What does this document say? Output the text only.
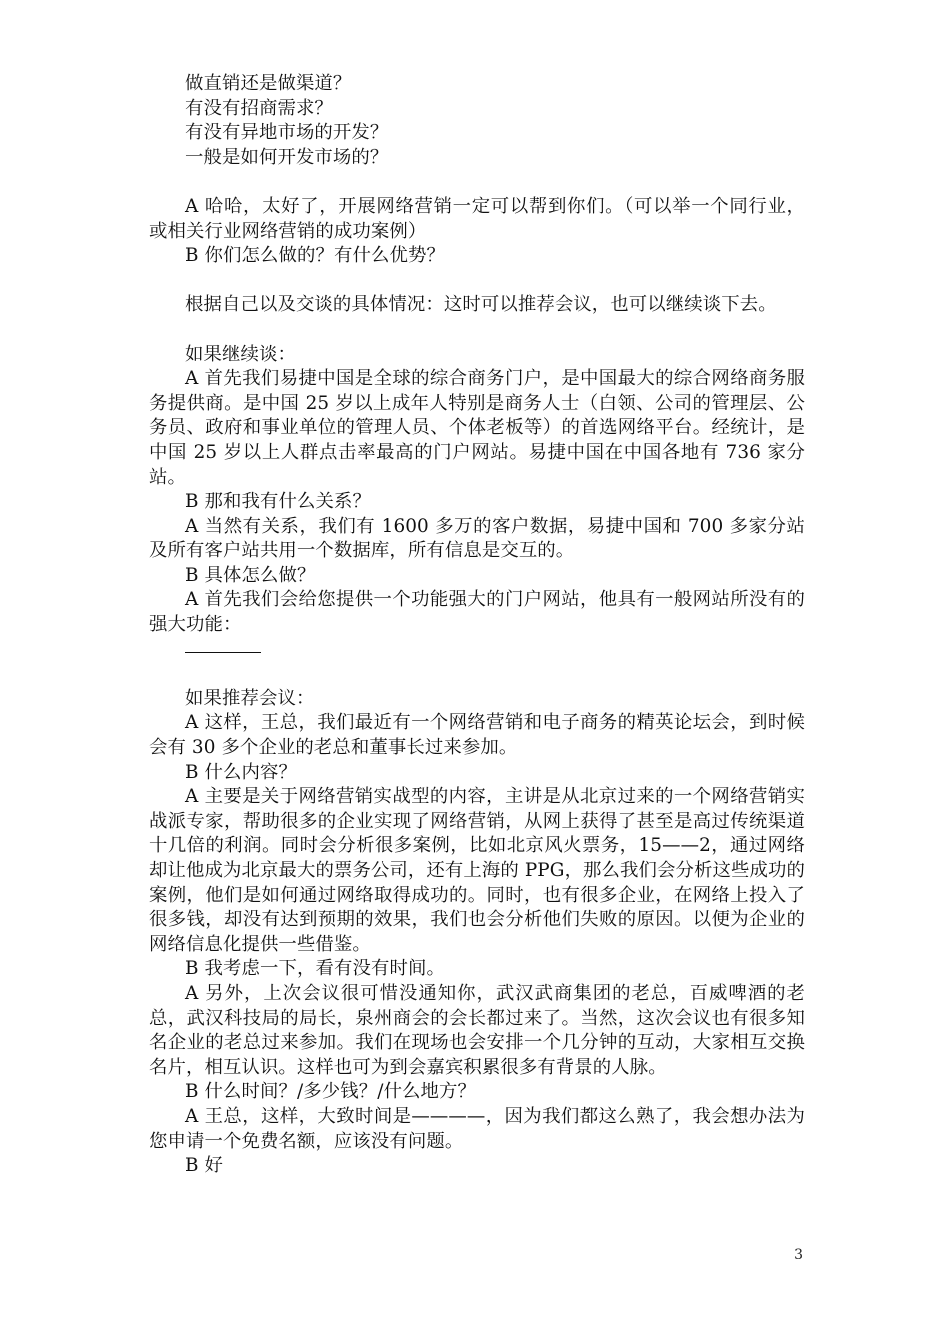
做直销还是做渠道？

有没有招商需求？

有没有异地市场的开发？

一般是如何开发市场的？

A 哈哈，太好了，开展网络营销一定可以帮到你们。（可以举一个同行业，或相关行业网络营销的成功案例）

B 你们怎么做的？有什么优势？

根据自己以及交谈的具体情况：这时可以推荐会议，也可以继续谈下去。

如果继续谈：

A 首先我们易捷中国是全球的综合商务门户，是中国最大的综合网络商务服务提供商。是中国 25 岁以上成年人特别是商务人士（白领、公司的管理层、公务员、政府和事业单位的管理人员、个体老板等）的首选网络平台。经统计，是中国 25 岁以上人群点击率最高的门户网站。易捷中国在中国各地有 736 家分站。

B 那和我有什么关系？

A 当然有关系，我们有 1600 多万的客户数据，易捷中国和 700 多家分站及所有客户站共用一个数据库，所有信息是交互的。

B 具体怎么做？

A 首先我们会给您提供一个功能强大的门户网站，他具有一般网站所没有的强大功能：

如果推荐会议：

A 这样，王总，我们最近有一个网络营销和电子商务的精英论坛会，到时候会有 30 多个企业的老总和董事长过来参加。

B 什么内容？

A 主要是关于网络营销实战型的内容，主讲是从北京过来的一个网络营销实战派专家，帮助很多的企业实现了网络营销，从网上获得了甚至是高过传统渠道十几倍的利润。同时会分析很多案例，比如北京风火票务，15——2，通过网络却让他成为北京最大的票务公司，还有上海的 PPG，那么我们会分析这些成功的案例，他们是如何通过网络取得成功的。同时，也有很多企业，在网络上投入了很多钱，却没有达到预期的效果，我们也会分析他们失败的原因。以便为企业的网络信息化提供一些借鉴。

B 我考虑一下，看有没有时间。

A 另外，上次会议很可惜没通知你，武汉武商集团的老总，百威啤酒的老总，武汉科技局的局长，泉州商会的会长都过来了。当然，这次会议也有很多知名企业的老总过来参加。我们在现场也会安排一个几分钟的互动，大家相互交换名片，相互认识。这样也可为到会嘉宾积累很多有背景的人脉。

B 什么时间？/多少钱？/什么地方？

A 王总，这样，大致时间是————，因为我们都这么熟了，我会想办法为您申请一个免费名额，应该没有问题。

B 好

3
